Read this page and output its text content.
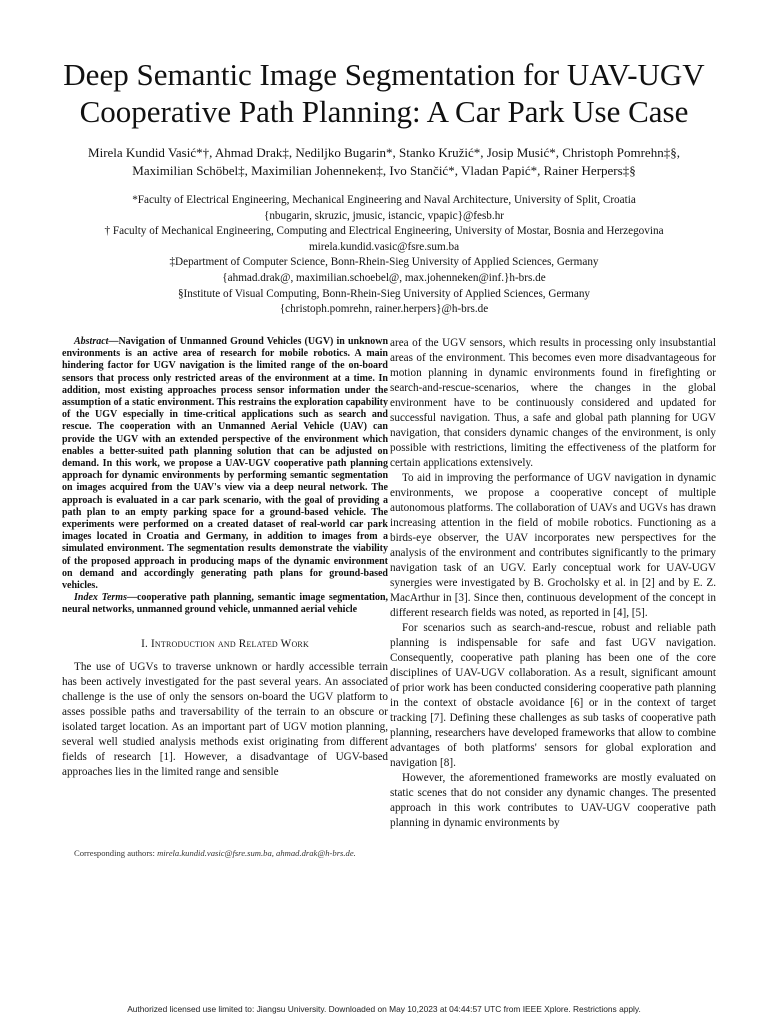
Deep Semantic Image Segmentation for UAV-UGV Cooperative Path Planning: A Car Park Use Case
Mirela Kundid Vasić*†, Ahmad Drak‡, Nediljko Bugarin*, Stanko Kružić*, Josip Musić*, Christoph Pomrehn‡§,
Maximilian Schöbel‡, Maximilian Johenneken‡, Ivo Stančić*, Vladan Papić*, Rainer Herpers‡§

*Faculty of Electrical Engineering, Mechanical Engineering and Naval Architecture, University of Split, Croatia

{nbugarin, skruzic, jmusic, istancic, vpapic}@fesb.hr

† Faculty of Mechanical Engineering, Computing and Electrical Engineering, University of Mostar, Bosnia and Herzegovina

mirela.kundid.vasic@fsre.sum.ba

‡Department of Computer Science, Bonn-Rhein-Sieg University of Applied Sciences, Germany

{ahmad.drak@, maximilian.schoebel@, max.johenneken@inf.}h-brs.de

§Institute of Visual Computing, Bonn-Rhein-Sieg University of Applied Sciences, Germany

{christoph.pomrehn, rainer.herpers}@h-brs.de

Abstract—Navigation of Unmanned Ground Vehicles (UGV) in unknown environments is an active area of research for mobile robotics. A main hindering factor for UGV navigation is the limited range of the on-board sensors that process only restricted areas of the environment at a time. In addition, most existing approaches process sensor information under the assumption of a static environment. This restrains the exploration capability of the UGV especially in time-critical applications such as search and rescue. The cooperation with an Unmanned Aerial Vehicle (UAV) can provide the UGV with an extended perspective of the environment which enables a better-suited path planning solution that can be adjusted on demand. In this work, we propose a UAV-UGV cooperative path planning approach for dynamic environments by performing semantic segmentation on images acquired from the UAV's view via a deep neural network. The approach is evaluated in a car park scenario, with the goal of providing a path plan to an empty parking space for a ground-based vehicle. The experiments were performed on a created dataset of real-world car park images located in Croatia and Germany, in addition to images from a simulated environment. The segmentation results demonstrate the viability of the proposed approach in producing maps of the dynamic environment on demand and accordingly generating path plans for ground-based vehicles.

Index Terms—cooperative path planning, semantic image segmentation, neural networks, unmanned ground vehicle, unmanned aerial vehicle

I. Introduction and Related Work

The use of UGVs to traverse unknown or hardly accessible terrain has been actively investigated for the past several years. An associated challenge is the use of only the sensors on-board the UGV platform to asses possible paths and traversability of the terrain to an obscure or isolated target location. As an important part of UGV motion planning, several well studied analysis methods exist originating from different fields of research [1]. However, a disadvantage of UGV-based approaches lies in the limited range and sensible

Corresponding authors: mirela.kundid.vasic@fsre.sum.ba, ahmad.drak@h-brs.de.

area of the UGV sensors, which results in processing only insubstantial areas of the environment. This becomes even more disadvantageous for motion planning in dynamic environments found in firefighting or search-and-rescue-scenarios, where the changes in the global environment have to be continuously considered and updated for successful navigation. Thus, a safe and global path planning for UGV navigation, that considers dynamic changes of the environment, is only possible with restrictions, limiting the effectiveness of the platform for certain applications extensively.

To aid in improving the performance of UGV navigation in dynamic environments, we propose a cooperative concept of multiple autonomous platforms. The collaboration of UAVs and UGVs has drawn increasing attention in the field of mobile robotics. Functioning as a birds-eye observer, the UAV incorporates new perspectives for the analysis of the environment and contributes significantly to the primary navigation task of an UGV. Early conceptual work for UAV-UGV synergies were investigated by B. Grocholsky et al. in [2] and by E. Z. MacArthur in [3]. Since then, continuous development of the concept in different research fields was noted, as reported in [4], [5].

For scenarios such as search-and-rescue, robust and reliable path planning is indispensable for safe and fast UGV navigation. Consequently, cooperative path planing has been one of the core disciplines of UAV-UGV collaboration. As a result, significant amount of prior work has been conducted considering cooperative path planning in the context of obstacle avoidance [6] or in the context of target tracking [7]. Defining these challenges as sub tasks of cooperative path planning, researchers have developed frameworks that allow to combine advantages of both platforms' sensors for global exploration and navigation [8].

However, the aforementioned frameworks are mostly evaluated on static scenes that do not consider any dynamic changes. The presented approach in this work contributes to UAV-UGV cooperative path planning in dynamic environments by

Authorized licensed use limited to: Jiangsu University. Downloaded on May 10,2023 at 04:44:57 UTC from IEEE Xplore. Restrictions apply.
